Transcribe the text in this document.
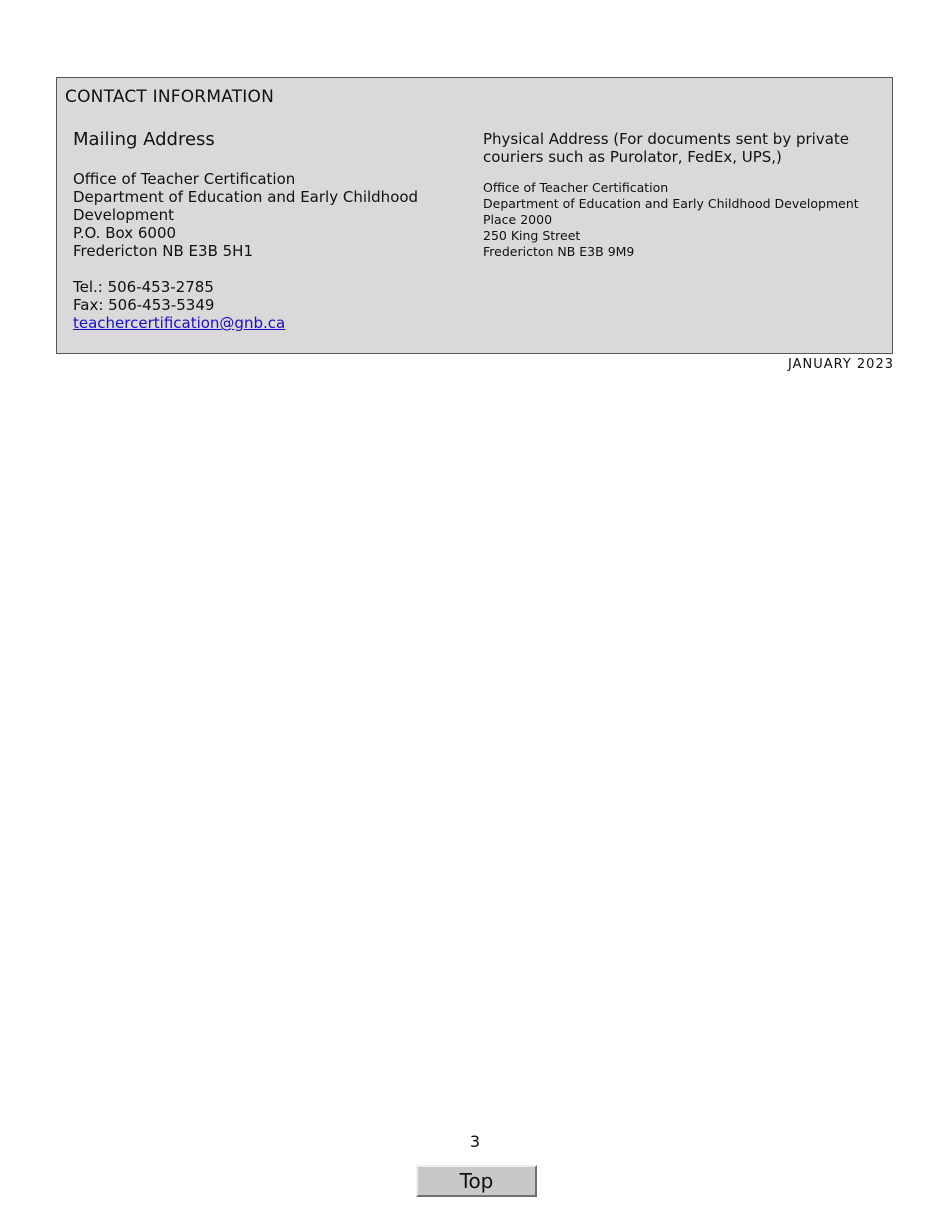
CONTACT INFORMATION
Mailing Address
Office of Teacher Certification
Department of Education and Early Childhood
Development
P.O. Box 6000
Fredericton NB E3B 5H1
Tel.: 506-453-2785
Fax: 506-453-5349
teachercertification@gnb.ca
Physical Address (For documents sent by private couriers such as Purolator, FedEx, UPS,)
Office of Teacher Certification
Department of Education and Early Childhood Development
Place 2000
250 King Street
Fredericton NB E3B 9M9
JANUARY 2023
3
Top
